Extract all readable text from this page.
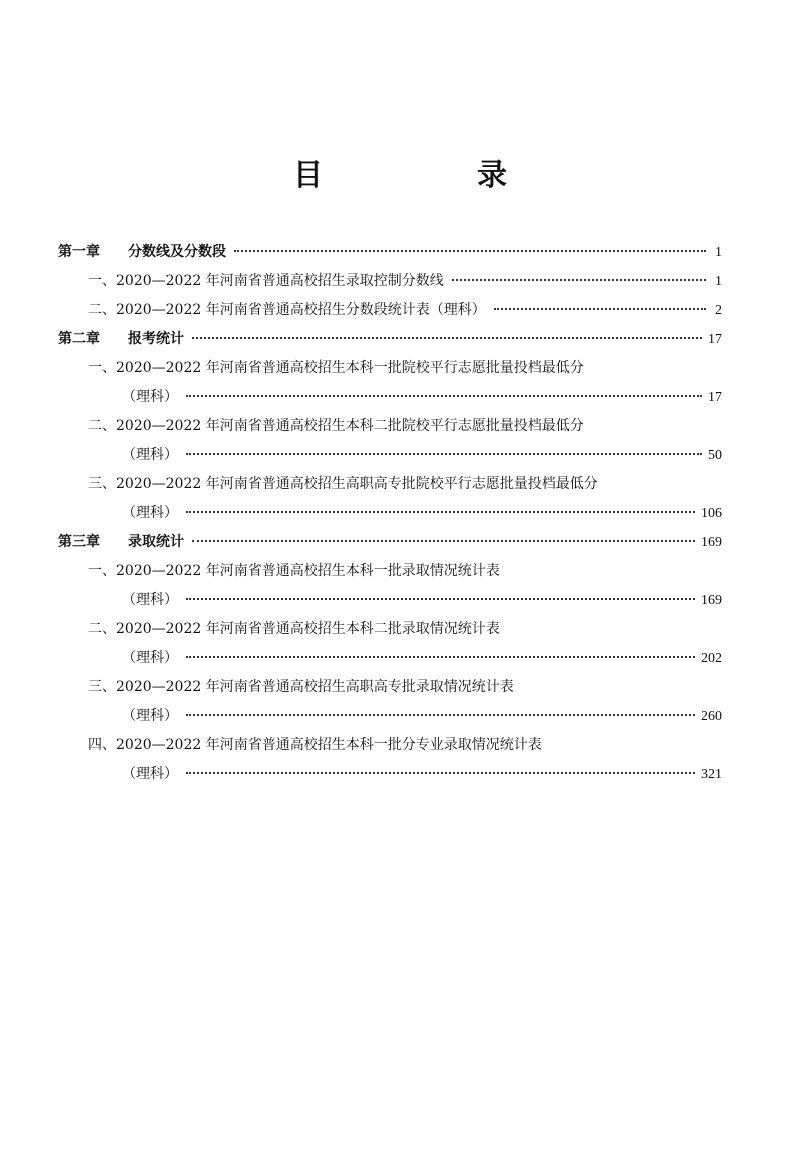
目　录
第一章	分数线及分数段	1
一、 2020—2022 年河南省普通高校招生录取控制分数线	1
二、 2020—2022 年河南省普通高校招生分数段统计表（理科）	2
第二章	报考统计	17
一、 2020—2022 年河南省普通高校招生本科一批院校平行志愿批量投档最低分
（理科）	17
二、 2020—2022 年河南省普通高校招生本科二批院校平行志愿批量投档最低分
（理科）	50
三、 2020—2022 年河南省普通高校招生高职高专批院校平行志愿批量投档最低分
（理科）	106
第三章	录取统计	169
一、 2020—2022 年河南省普通高校招生本科一批录取情况统计表
（理科）	169
二、 2020—2022 年河南省普通高校招生本科二批录取情况统计表
（理科）	202
三、 2020—2022 年河南省普通高校招生高职高专批录取情况统计表
（理科）	260
四、 2020—2022 年河南省普通高校招生本科一批分专业录取情况统计表
（理科）	321
